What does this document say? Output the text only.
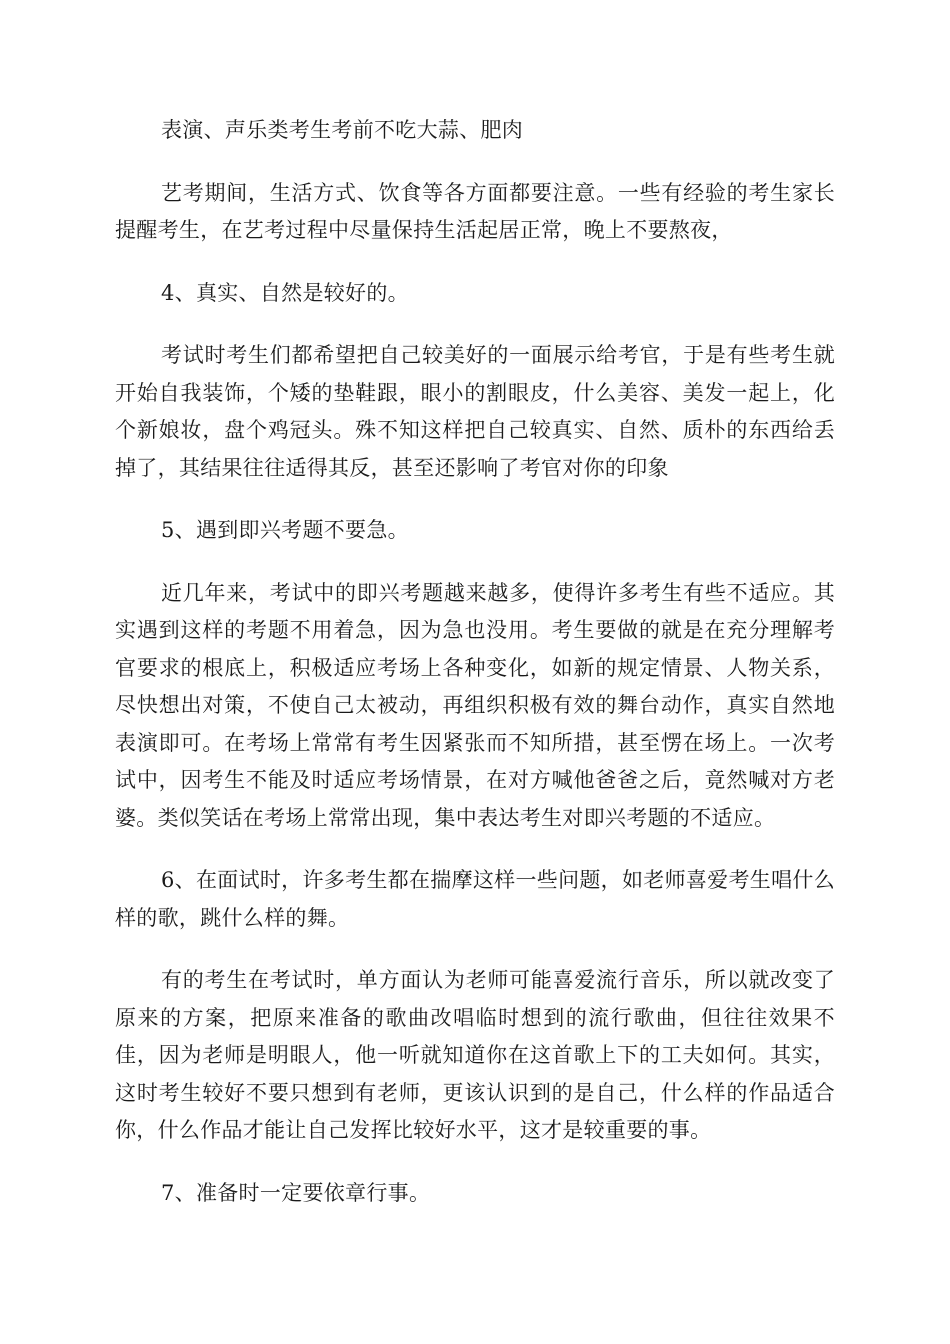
表演、声乐类考生考前不吃大蒜、肥肉

艺考期间，生活方式、饮食等各方面都要注意。一些有经验的考生家长提醒考生，在艺考过程中尽量保持生活起居正常，晚上不要熬夜，

4、真实、自然是较好的。

考试时考生们都希望把自己较美好的一面展示给考官，于是有些考生就开始自我装饰，个矮的垫鞋跟，眼小的割眼皮，什么美容、美发一起上，化个新娘妆，盘个鸡冠头。殊不知这样把自己较真实、自然、质朴的东西给丢掉了，其结果往往适得其反，甚至还影响了考官对你的印象

5、遇到即兴考题不要急。

近几年来，考试中的即兴考题越来越多，使得许多考生有些不适应。其实遇到这样的考题不用着急，因为急也没用。考生要做的就是在充分理解考官要求的根底上，积极适应考场上各种变化，如新的规定情景、人物关系，尽快想出对策，不使自己太被动，再组织积极有效的舞台动作，真实自然地表演即可。在考场上常常有考生因紧张而不知所措，甚至愣在场上。一次考试中，因考生不能及时适应考场情景，在对方喊他爸爸之后，竟然喊对方老婆。类似笑话在考场上常常出现，集中表达考生对即兴考题的不适应。

6、在面试时，许多考生都在揣摩这样一些问题，如老师喜爱考生唱什么样的歌，跳什么样的舞。

有的考生在考试时，单方面认为老师可能喜爱流行音乐，所以就改变了原来的方案，把原来准备的歌曲改唱临时想到的流行歌曲，但往往效果不佳，因为老师是明眼人，他一听就知道你在这首歌上下的工夫如何。其实，这时考生较好不要只想到有老师，更该认识到的是自己，什么样的作品适合你，什么作品才能让自己发挥比较好水平，这才是较重要的事。

7、准备时一定要依章行事。
